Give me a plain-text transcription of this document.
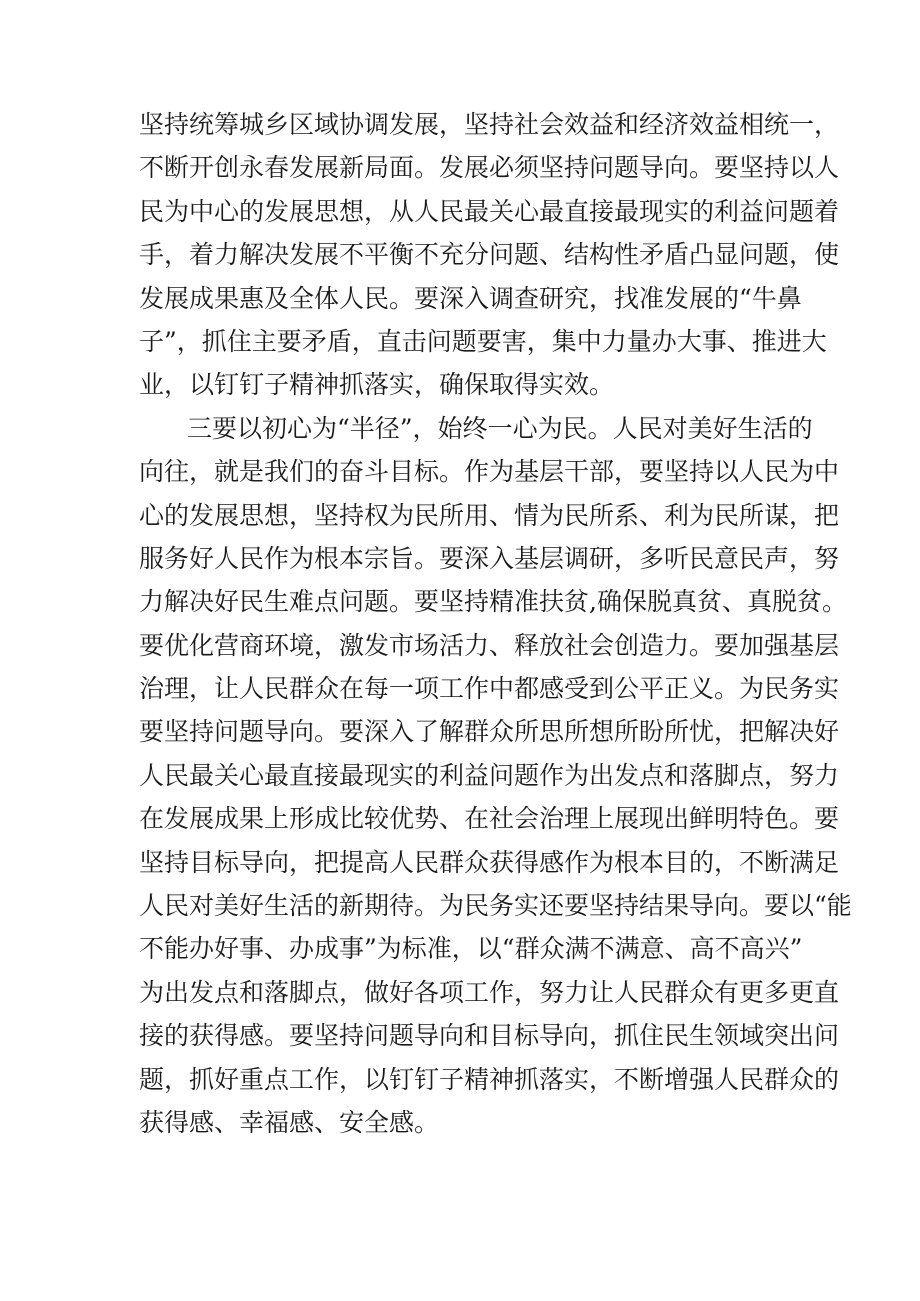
坚持统筹城乡区域协调发展，坚持社会效益和经济效益相统一，
不断开创永春发展新局面。发展必须坚持问题导向。要坚持以人
民为中心的发展思想，从人民最关心最直接最现实的利益问题着
手，着力解决发展不平衡不充分问题、结构性矛盾凸显问题，使
发展成果惠及全体人民。要深入调查研究，找准发展的“牛鼻
子”，抓住主要矛盾，直击问题要害，集中力量办大事、推进大
业，以钉钉子精神抓落实，确保取得实效。
三要以初心为“半径”，始终一心为民。人民对美好生活的
向往，就是我们的奋斗目标。作为基层干部，要坚持以人民为中
心的发展思想，坚持权为民所用、情为民所系、利为民所谋，把
服务好人民作为根本宗旨。要深入基层调研，多听民意民声，努
力解决好民生难点问题。要坚持精准扶贫,确保脱真贫、真脱贫。
要优化营商环境，激发市场活力、释放社会创造力。要加强基层
治理，让人民群众在每一项工作中都感受到公平正义。为民务实
要坚持问题导向。要深入了解群众所思所想所盼所忧，把解决好
人民最关心最直接最现实的利益问题作为出发点和落脚点，努力
在发展成果上形成比较优势、在社会治理上展现出鲜明特色。要
坚持目标导向，把提高人民群众获得感作为根本目的，不断满足
人民对美好生活的新期待。为民务实还要坚持结果导向。要以“能
不能办好事、办成事”为标准，以“群众满不满意、高不高兴”
为出发点和落脚点，做好各项工作，努力让人民群众有更多更直
接的获得感。要坚持问题导向和目标导向，抓住民生领域突出问
题，抓好重点工作，以钉钉子精神抓落实，不断增强人民群众的
获得感、幸福感、安全感。
